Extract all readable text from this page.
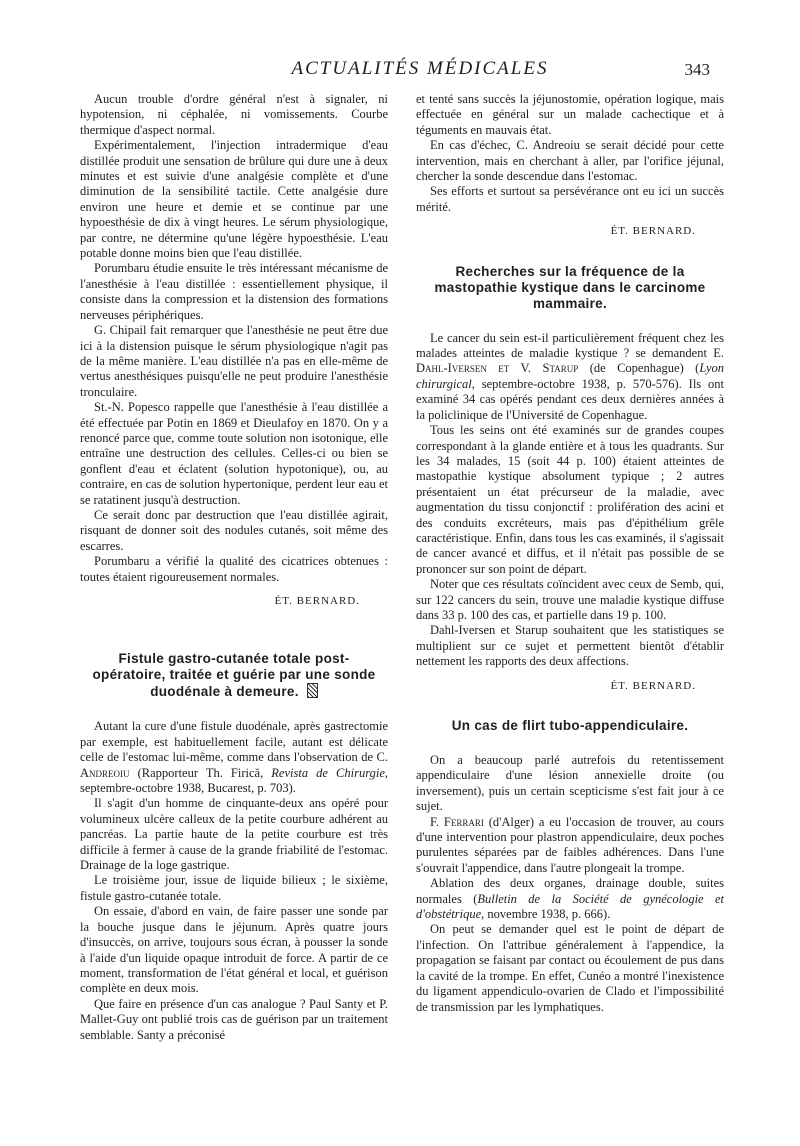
ACTUALITÉS MÉDICALES	343

Aucun trouble d'ordre général n'est à signaler, ni hypotension, ni céphalée, ni vomissements. Courbe thermique d'aspect normal.

Expérimentalement, l'injection intradermique d'eau distillée produit une sensation de brûlure qui dure une à deux minutes et est suivie d'une analgésie complète et d'une diminution de la sensibilité tactile. Cette analgésie dure environ une heure et demie et se continue par une hypoesthésie de dix à vingt heures. Le sérum physiologique, par contre, ne détermine qu'une légère hypoesthésie. L'eau potable donne moins bien que l'eau distillée.

Porumbaru étudie ensuite le très intéressant mécanisme de l'anesthésie à l'eau distillée : essentiellement physique, il consiste dans la compression et la distension des formations nerveuses périphériques.

G. Chipail fait remarquer que l'anesthésie ne peut être due ici à la distension puisque le sérum physiologique n'agit pas de la même manière. L'eau distillée n'a pas en elle-même de vertus anesthésiques puisqu'elle ne peut produire l'anesthésie tronculaire.

St.-N. Popesco rappelle que l'anesthésie à l'eau distillée a été effectuée par Potin en 1869 et Dieulafoy en 1870. On y a renoncé parce que, comme toute solution non isotonique, elle entraîne une destruction des cellules. Celles-ci ou bien se gonflent d'eau et éclatent (solution hypotonique), ou, au contraire, en cas de solution hypertonique, perdent leur eau et se ratatinent jusqu'à destruction.

Ce serait donc par destruction que l'eau distillée agirait, risquant de donner soit des nodules cutanés, soit même des escarres.

Porumbaru a vérifié la qualité des cicatrices obtenues : toutes étaient rigoureusement normales.

ÉT. BERNARD.

Fistule gastro-cutanée totale post-opératoire, traitée et guérie par une sonde duodénale à demeure.

Autant la cure d'une fistule duodénale, après gastrectomie par exemple, est habituellement facile, autant est délicate celle de l'estomac lui-même, comme dans l'observation de C. Andreoiu (Rapporteur Th. Firică, Revista de Chirurgie, septembre-octobre 1938, Bucarest, p. 703).

Il s'agit d'un homme de cinquante-deux ans opéré pour volumineux ulcère calleux de la petite courbure adhérent au pancréas. La partie haute de la petite courbure est très difficile à fermer à cause de la grande friabilité de l'estomac. Drainage de la loge gastrique.

Le troisième jour, issue de liquide bilieux ; le sixième, fistule gastro-cutanée totale.

On essaie, d'abord en vain, de faire passer une sonde par la bouche jusque dans le jéjunum. Après quatre jours d'insuccès, on arrive, toujours sous écran, à pousser la sonde à l'aide d'un liquide opaque introduit de force. A partir de ce moment, transformation de l'état général et local, et guérison complète en deux mois.

Que faire en présence d'un cas analogue ? Paul Santy et P. Mallet-Guy ont publié trois cas de guérison par un traitement semblable. Santy a préconisé

et tenté sans succès la jéjunostomie, opération logique, mais effectuée en général sur un malade cachectique et à téguments en mauvais état.

En cas d'échec, C. Andreoiu se serait décidé pour cette intervention, mais en cherchant à aller, par l'orifice jéjunal, chercher la sonde descendue dans l'estomac.

Ses efforts et surtout sa persévérance ont eu ici un succès mérité.

ÉT. BERNARD.

Recherches sur la fréquence de la mastopathie kystique dans le carcinome mammaire.

Le cancer du sein est-il particulièrement fréquent chez les malades atteintes de maladie kystique ? se demandent E. Dahl-Iversen et V. Starup (de Copenhague) (Lyon chirurgical, septembre-octobre 1938, p. 570-576). Ils ont examiné 34 cas opérés pendant ces deux dernières années à la policlinique de l'Université de Copenhague.

Tous les seins ont été examinés sur de grandes coupes correspondant à la glande entière et à tous les quadrants. Sur les 34 malades, 15 (soit 44 p. 100) étaient atteintes de mastopathie kystique absolument typique ; 2 autres présentaient un état précurseur de la maladie, avec augmentation du tissu conjonctif : prolifération des acini et des conduits excréteurs, mais pas d'épithélium grêle caractéristique. Enfin, dans tous les cas examinés, il s'agissait de cancer avancé et diffus, et il n'était pas possible de se prononcer sur son point de départ.

Noter que ces résultats coïncident avec ceux de Semb, qui, sur 122 cancers du sein, trouve une maladie kystique diffuse dans 33 p. 100 des cas, et partielle dans 19 p. 100.

Dahl-Iversen et Starup souhaitent que les statistiques se multiplient sur ce sujet et permettent bientôt d'établir nettement les rapports des deux affections.

ÉT. BERNARD.

Un cas de flirt tubo-appendiculaire.

On a beaucoup parlé autrefois du retentissement appendiculaire d'une lésion annexielle droite (ou inversement), puis un certain scepticisme s'est fait jour à ce sujet.

F. Ferrari (d'Alger) a eu l'occasion de trouver, au cours d'une intervention pour plastron appendiculaire, deux poches purulentes séparées par de faibles adhérences. Dans l'une s'ouvrait l'appendice, dans l'autre plongeait la trompe.

Ablation des deux organes, drainage double, suites normales (Bulletin de la Société de gynécologie et d'obstétrique, novembre 1938, p. 666).

On peut se demander quel est le point de départ de l'infection. On l'attribue généralement à l'appendice, la propagation se faisant par contact ou écoulement de pus dans la cavité de la trompe. En effet, Cunéo a montré l'inexistence du ligament appendiculo-ovarien de Clado et l'impossibilité de transmission par les lymphatiques.
